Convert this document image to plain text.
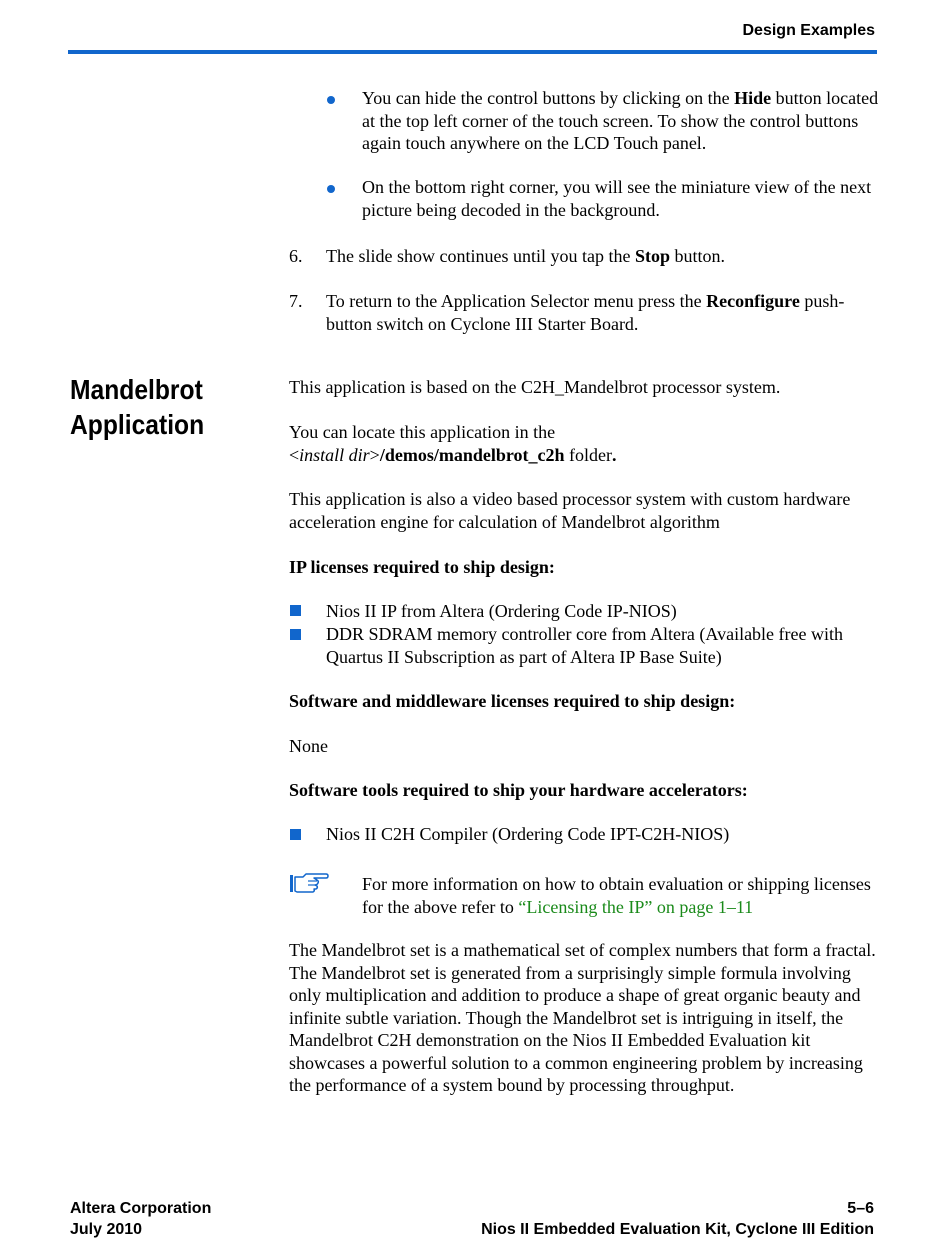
Design Examples
You can hide the control buttons by clicking on the Hide button located at the top left corner of the touch screen. To show the control buttons again touch anywhere on the LCD Touch panel.
On the bottom right corner, you will see the miniature view of the next picture being decoded in the background.
6. The slide show continues until you tap the Stop button.
7. To return to the Application Selector menu press the Reconfigure push-button switch on Cyclone III Starter Board.
Mandelbrot
Application
This application is based on the C2H_Mandelbrot processor system.
You can locate this application in the
<install dir>/demos/mandelbrot_c2h folder.
This application is also a video based processor system with custom hardware acceleration engine for calculation of Mandelbrot algorithm
IP licenses required to ship design:
Nios II IP from Altera (Ordering Code IP-NIOS)
DDR SDRAM memory controller core from Altera (Available free with Quartus II Subscription as part of Altera IP Base Suite)
Software and middleware licenses required to ship design:
None
Software tools required to ship your hardware accelerators:
Nios II C2H Compiler (Ordering Code IPT-C2H-NIOS)
For more information on how to obtain evaluation or shipping licenses for the above refer to “Licensing the IP” on page 1–11
The Mandelbrot set is a mathematical set of complex numbers that form a fractal. The Mandelbrot set is generated from a surprisingly simple formula involving only multiplication and addition to produce a shape of great organic beauty and infinite subtle variation. Though the Mandelbrot set is intriguing in itself, the Mandelbrot C2H demonstration on the Nios II Embedded Evaluation kit showcases a powerful solution to a common engineering problem by increasing the performance of a system bound by processing throughput.
Altera Corporation
July 2010
5–6
Nios II Embedded Evaluation Kit, Cyclone III Edition
